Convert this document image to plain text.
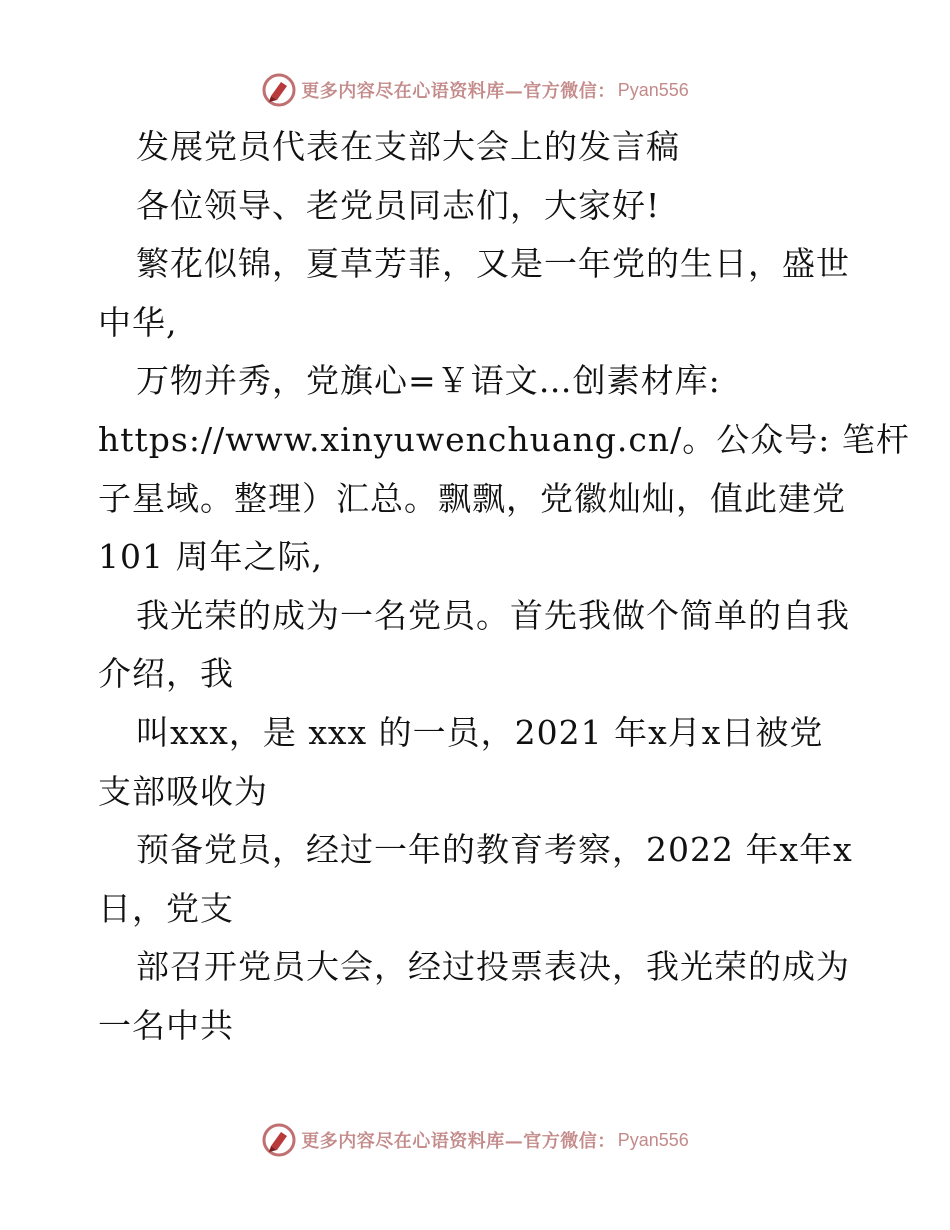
更多内容尽在心语资料库—官方微信： Pyan556
发展党员代表在支部大会上的发言稿
各位领导、老党员同志们，大家好!
繁花似锦，夏草芳菲，又是一年党的生日，盛世
中华,
万物并秀，党旗心=￥语文…创素材库:
https://www.xinyuwenchuang.cn/。公众号: 笔杆
子星域。整理）汇总。飘飘，党徽灿灿，值此建党
101 周年之际,
我光荣的成为一名党员。首先我做个简单的自我
介绍，我
叫xxx，是 xxx 的一员，2021 年x月x日被党
支部吸收为
预备党员，经过一年的教育考察，2022 年x年x
日，党支
部召开党员大会，经过投票表决，我光荣的成为
一名中共
更多内容尽在心语资料库—官方微信： Pyan556
